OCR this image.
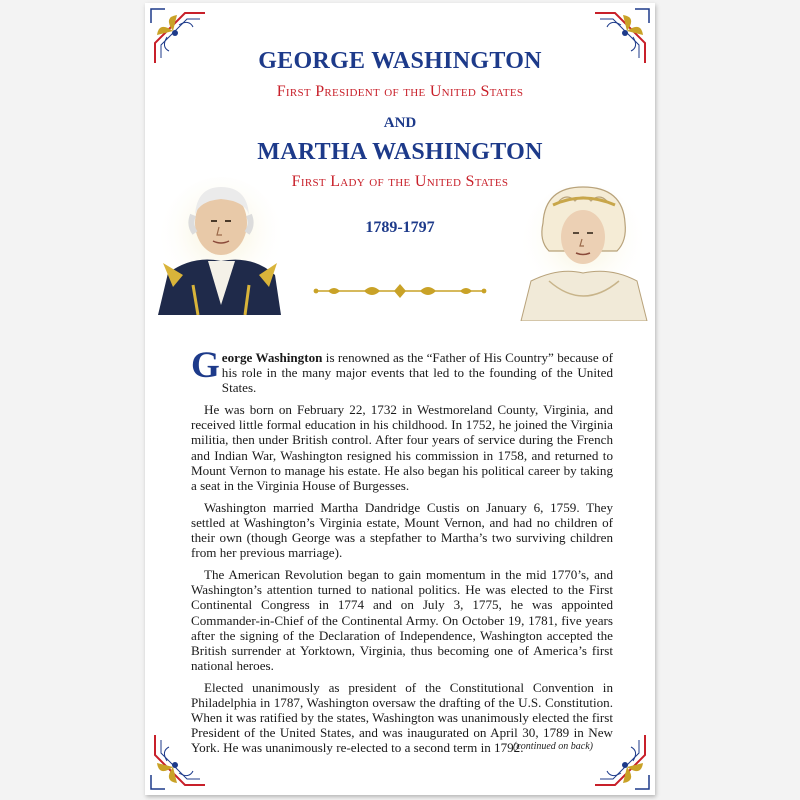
GEORGE WASHINGTON
First President of the United States
AND
MARTHA WASHINGTON
First Lady of the United States
1789-1797

George Washington is renowned as the “Father of His Country” because of his role in the many major events that led to the founding of the United States.

He was born on February 22, 1732 in Westmoreland County, Virginia, and received little formal education in his childhood. In 1752, he joined the Virginia militia, then under British control. After four years of service during the French and Indian War, Washington resigned his commission in 1758, and returned to Mount Vernon to manage his estate. He also began his political career by taking a seat in the Virginia House of Burgesses.

Washington married Martha Dandridge Custis on January 6, 1759. They settled at Washington’s Virginia estate, Mount Vernon, and had no children of their own (though George was a stepfather to Martha’s two surviving children from her previous marriage).

The American Revolution began to gain momentum in the mid 1770’s, and Washington’s attention turned to national politics. He was elected to the First Continental Congress in 1774 and on July 3, 1775, he was appointed Commander-in-Chief of the Continental Army. On October 19, 1781, five years after the signing of the Declaration of Independence, Washington accepted the British surrender at Yorktown, Virginia, thus becoming one of America’s first national heroes.

Elected unanimously as president of the Constitutional Convention in Philadelphia in 1787, Washington oversaw the drafting of the U.S. Constitution. When it was ratified by the states, Washington was unanimously elected the first President of the United States, and was inaugurated on April 30, 1789 in New York. He was unanimously re-elected to a second term in 1792.

(continued on back)
